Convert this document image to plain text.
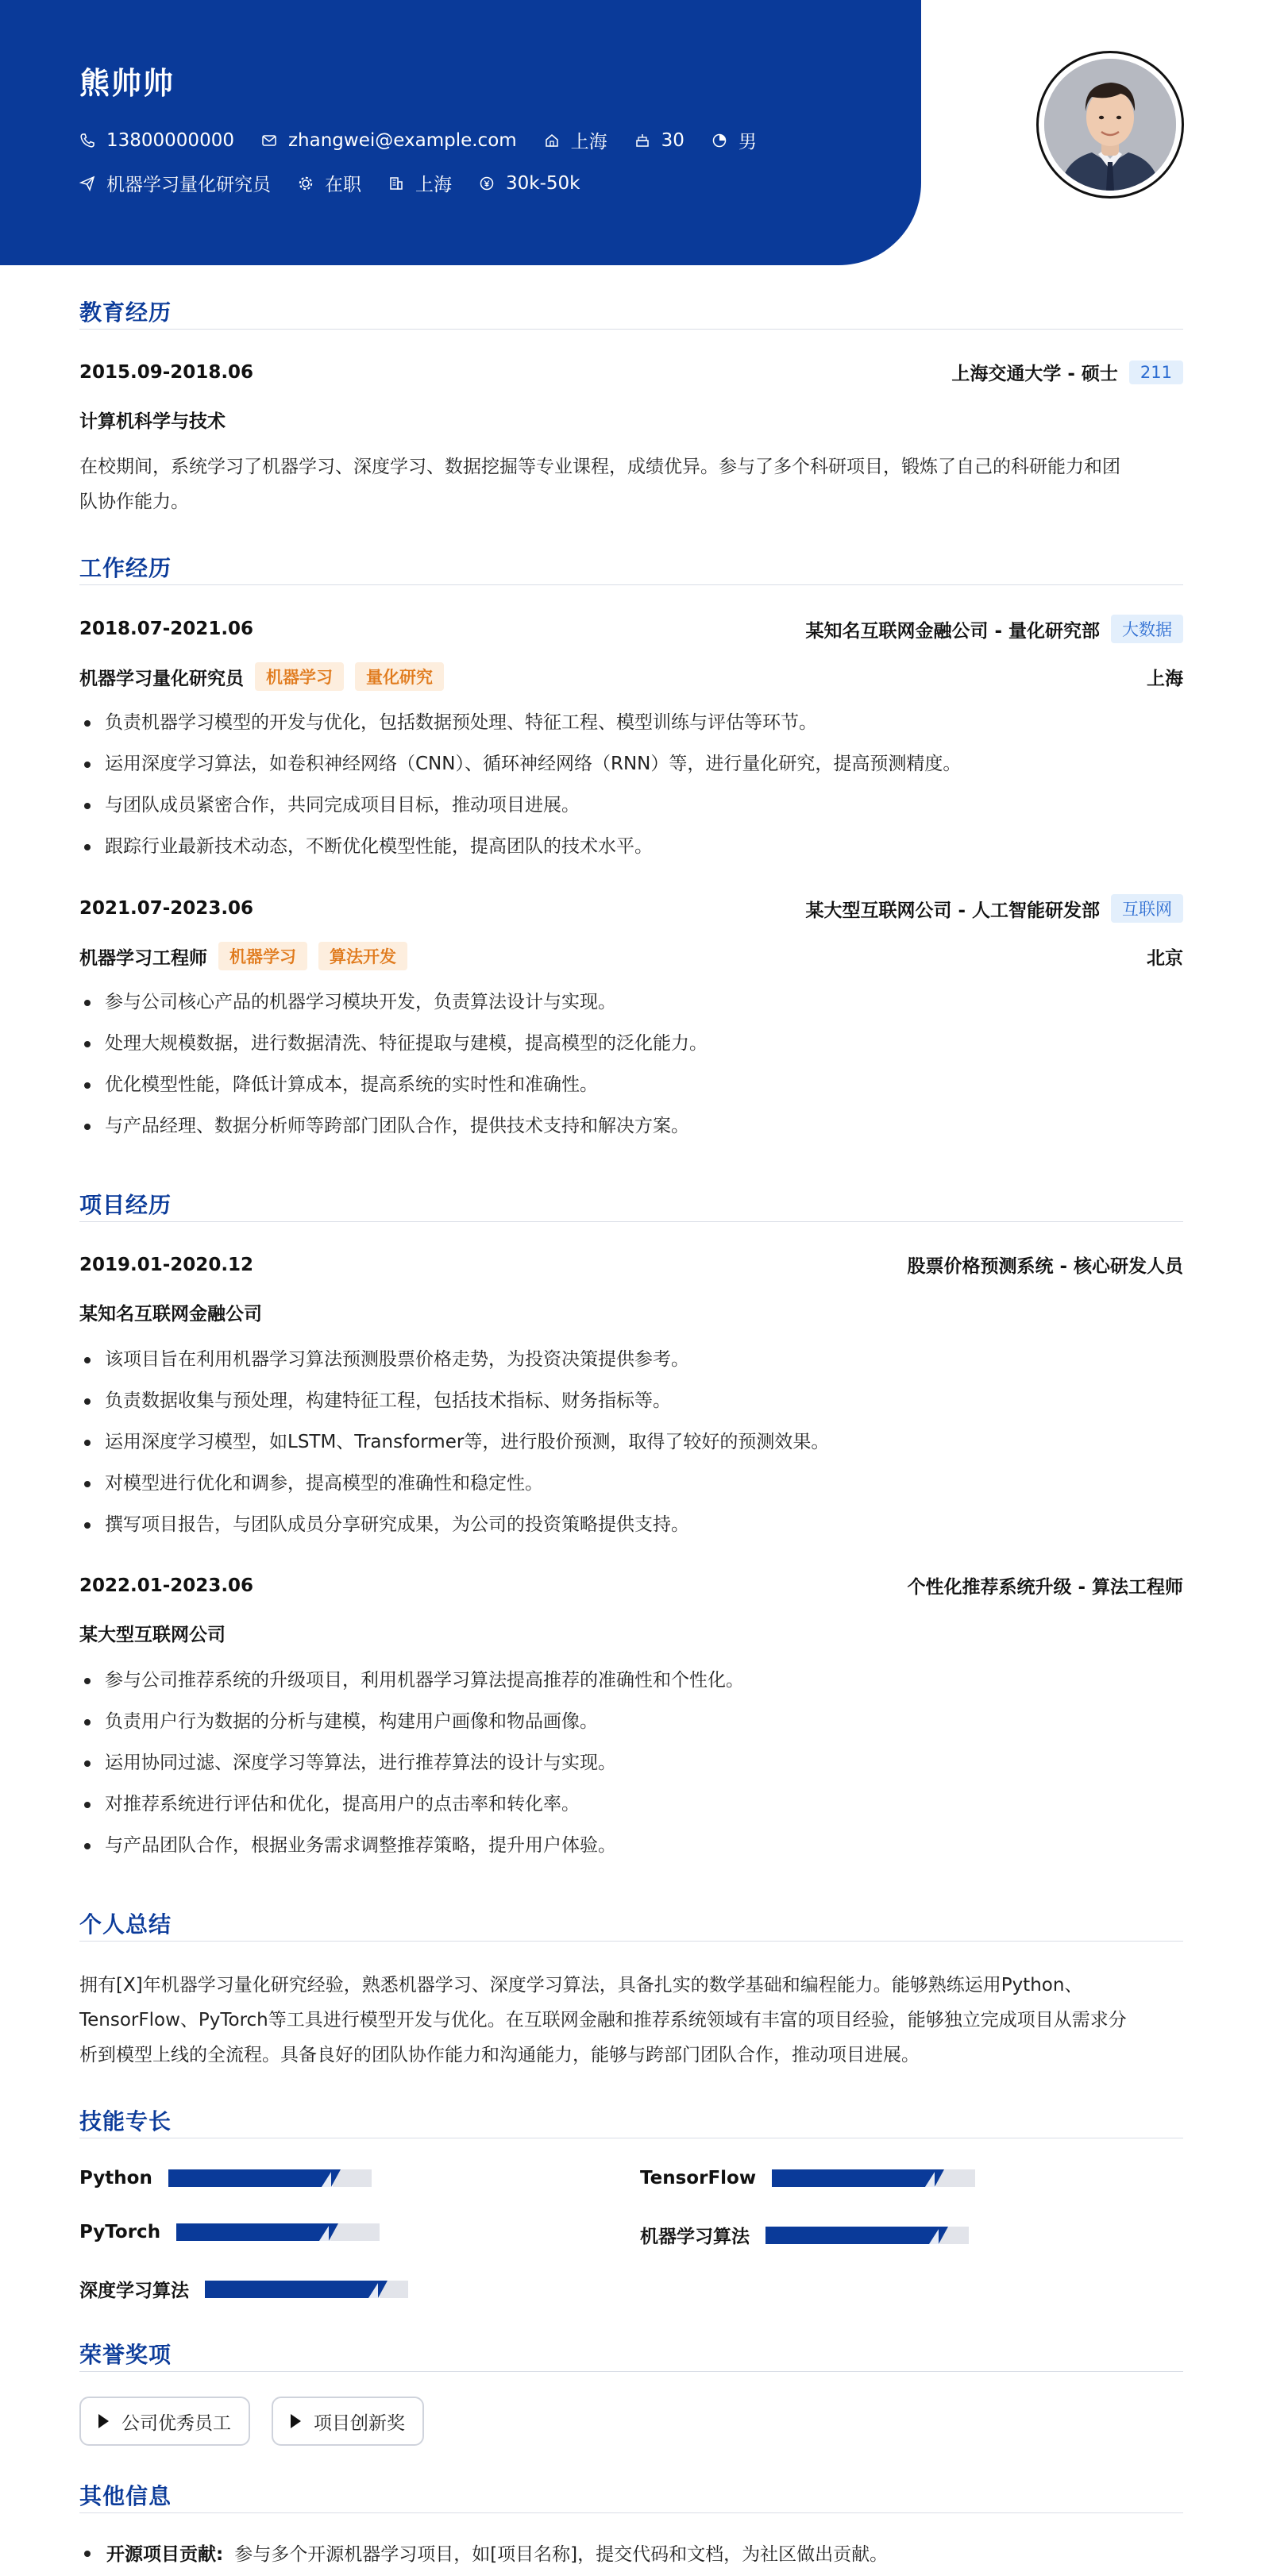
熊帅帅
13800000000	zhangwei@example.com	上海	30	男
机器学习量化研究员	在职	上海	30k-50k
教育经历
2015.09-2018.06	上海交通大学 - 硕士	211
计算机科学与技术
在校期间，系统学习了机器学习、深度学习、数据挖掘等专业课程，成绩优异。参与了多个科研项目，锻炼了自己的科研能力和团
队协作能力。
工作经历
2018.07-2021.06	某知名互联网金融公司 - 量化研究部	大数据
机器学习量化研究员	机器学习	量化研究	上海
负责机器学习模型的开发与优化，包括数据预处理、特征工程、模型训练与评估等环节。
运用深度学习算法，如卷积神经网络（CNN）、循环神经网络（RNN）等，进行量化研究，提高预测精度。
与团队成员紧密合作，共同完成项目目标，推动项目进展。
跟踪行业最新技术动态，不断优化模型性能，提高团队的技术水平。
2021.07-2023.06	某大型互联网公司 - 人工智能研发部	互联网
机器学习工程师	机器学习	算法开发	北京
参与公司核心产品的机器学习模块开发，负责算法设计与实现。
处理大规模数据，进行数据清洗、特征提取与建模，提高模型的泛化能力。
优化模型性能，降低计算成本，提高系统的实时性和准确性。
与产品经理、数据分析师等跨部门团队合作，提供技术支持和解决方案。
项目经历
2019.01-2020.12	股票价格预测系统 - 核心研发人员
某知名互联网金融公司
该项目旨在利用机器学习算法预测股票价格走势，为投资决策提供参考。
负责数据收集与预处理，构建特征工程，包括技术指标、财务指标等。
运用深度学习模型，如LSTM、Transformer等，进行股价预测，取得了较好的预测效果。
对模型进行优化和调参，提高模型的准确性和稳定性。
撰写项目报告，与团队成员分享研究成果，为公司的投资策略提供支持。
2022.01-2023.06	个性化推荐系统升级 - 算法工程师
某大型互联网公司
参与公司推荐系统的升级项目，利用机器学习算法提高推荐的准确性和个性化。
负责用户行为数据的分析与建模，构建用户画像和物品画像。
运用协同过滤、深度学习等算法，进行推荐算法的设计与实现。
对推荐系统进行评估和优化，提高用户的点击率和转化率。
与产品团队合作，根据业务需求调整推荐策略，提升用户体验。
个人总结
拥有[X]年机器学习量化研究经验，熟悉机器学习、深度学习算法，具备扎实的数学基础和编程能力。能够熟练运用Python、
TensorFlow、PyTorch等工具进行模型开发与优化。在互联网金融和推荐系统领域有丰富的项目经验，能够独立完成项目从需求分
析到模型上线的全流程。具备良好的团队协作能力和沟通能力，能够与跨部门团队合作，推动项目进展。
技能专长
Python	TensorFlow
PyTorch	机器学习算法
深度学习算法
荣誉奖项
公司优秀员工	项目创新奖
其他信息
开源项目贡献: 参与多个开源机器学习项目，如[项目名称]，提交代码和文档，为社区做出贡献。
